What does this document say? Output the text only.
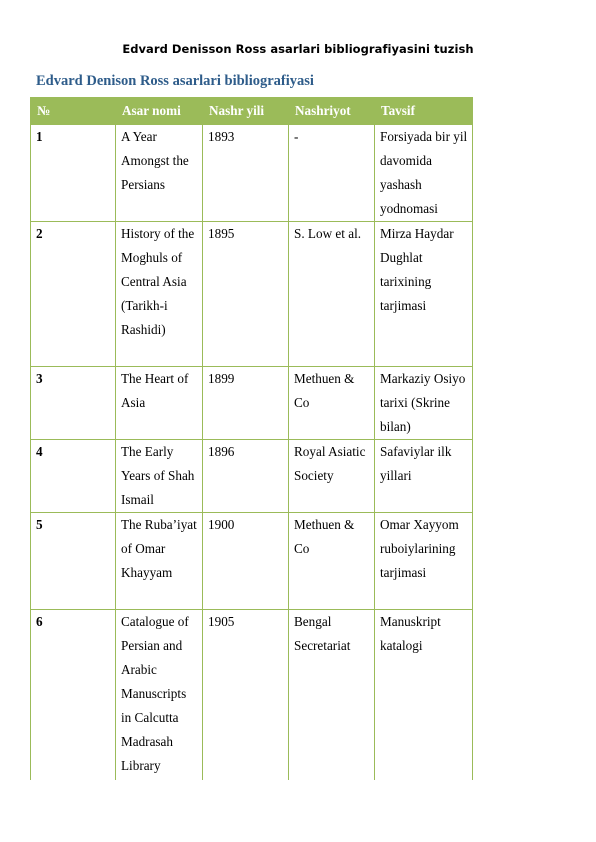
Edvard Denisson Ross asarlari bibliografiyasini tuzish
Edvard Denison Ross asarlari bibliografiyasi
№	Asar nomi	Nashr yili	Nashriyot	Tavsif
1	A Year Amongst the Persians	1893	-	Forsiyada bir yil davomida yashash yodnomasi
2	History of the Moghuls of Central Asia (Tarikh-i Rashidi)	1895	S. Low et al.	Mirza Haydar Dughlat tarixining tarjimasi
3	The Heart of Asia	1899	Methuen & Co	Markaziy Osiyo tarixi (Skrine bilan)
4	The Early Years of Shah Ismail	1896	Royal Asiatic Society	Safaviylar ilk yillari
5	The Ruba’iyat of Omar Khayyam	1900	Methuen & Co	Omar Xayyom ruboiylarining tarjimasi
6	Catalogue of Persian and Arabic Manuscripts in Calcutta Madrasah Library	1905	Bengal Secretariat	Manuskript katalogi
